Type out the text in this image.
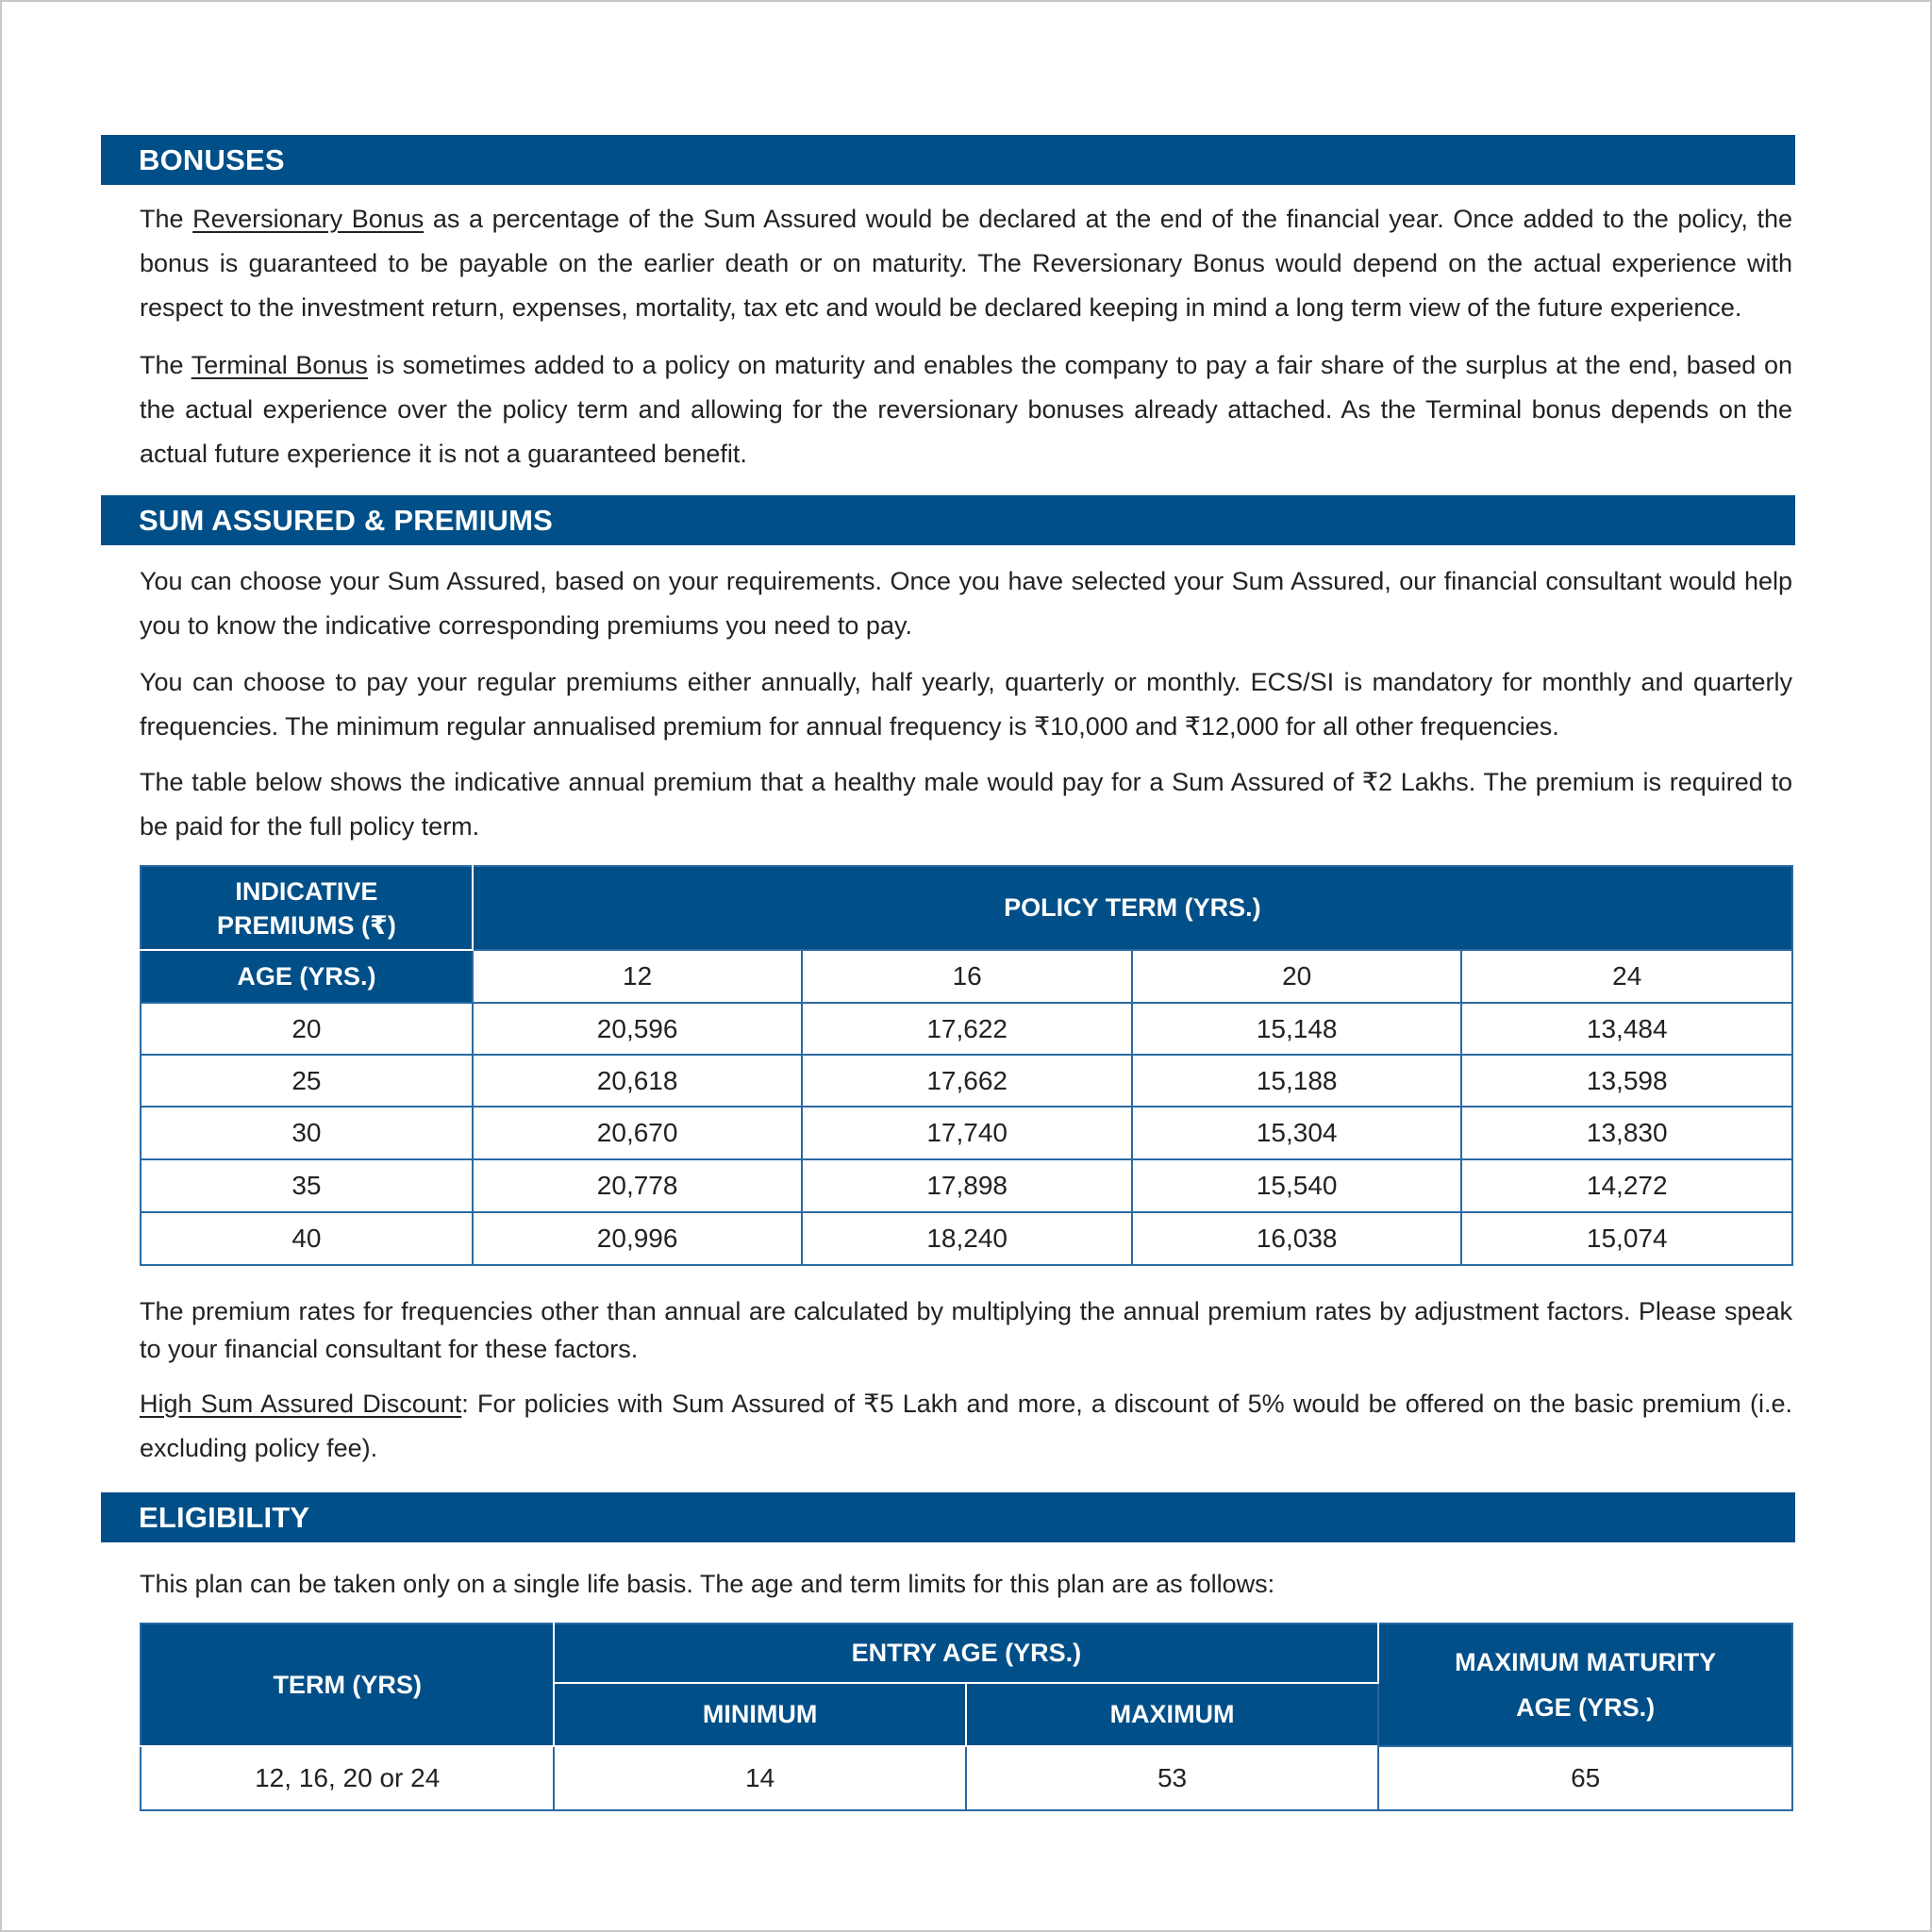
BONUSES

The Reversionary Bonus as a percentage of the Sum Assured would be declared at the end of the financial year. Once added to the policy, the bonus is guaranteed to be payable on the earlier death or on maturity. The Reversionary Bonus would depend on the actual experience with respect to the investment return, expenses, mortality, tax etc and would be declared keeping in mind a long term view of the future experience.

The Terminal Bonus is sometimes added to a policy on maturity and enables the company to pay a fair share of the surplus at the end, based on the actual experience over the policy term and allowing for the reversionary bonuses already attached. As the Terminal bonus depends on the actual future experience it is not a guaranteed benefit.

SUM ASSURED & PREMIUMS

You can choose your Sum Assured, based on your requirements. Once you have selected your Sum Assured, our financial consultant would help you to know the indicative corresponding premiums you need to pay.

You can choose to pay your regular premiums either annually, half yearly, quarterly or monthly. ECS/SI is mandatory for monthly and quarterly frequencies. The minimum regular annualised premium for annual frequency is ₹10,000 and ₹12,000 for all other frequencies.

The table below shows the indicative annual premium that a healthy male would pay for a Sum Assured of ₹2 Lakhs. The premium is required to be paid for the full policy term.

INDICATIVE PREMIUMS (₹)	POLICY TERM (YRS.)			
AGE (YRS.)	12	16	20	24
20	20,596	17,622	15,148	13,484
25	20,618	17,662	15,188	13,598
30	20,670	17,740	15,304	13,830
35	20,778	17,898	15,540	14,272
40	20,996	18,240	16,038	15,074

The premium rates for frequencies other than annual are calculated by multiplying the annual premium rates by adjustment factors. Please speak to your financial consultant for these factors.

High Sum Assured Discount: For policies with Sum Assured of ₹5 Lakh and more, a discount of 5% would be offered on the basic premium (i.e. excluding policy fee).

ELIGIBILITY

This plan can be taken only on a single life basis. The age and term limits for this plan are as follows:

TERM (YRS)	ENTRY AGE (YRS.)		MAXIMUM MATURITY AGE (YRS.)
	MINIMUM	MAXIMUM	
12, 16, 20 or 24	14	53	65
